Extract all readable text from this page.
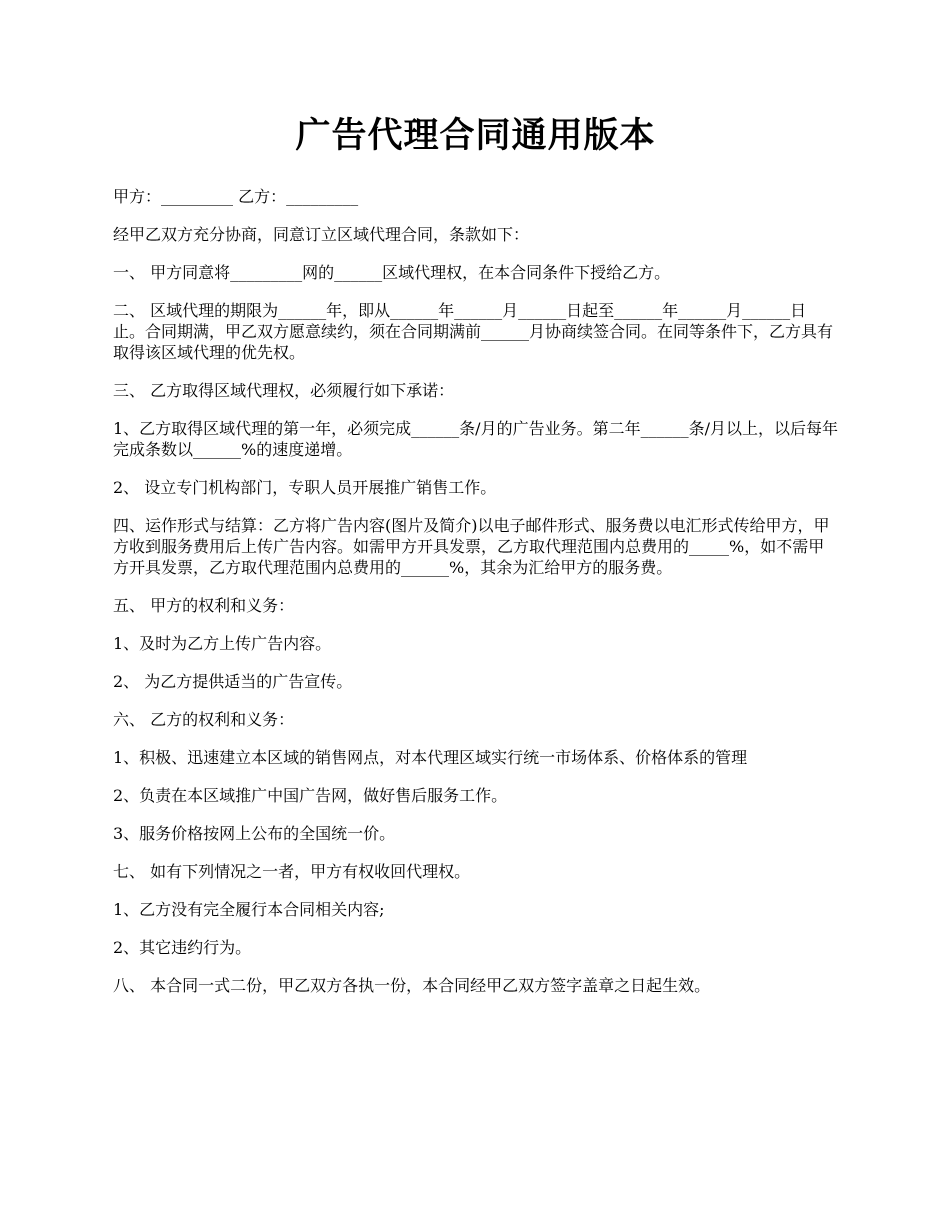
广告代理合同通用版本

甲方：_________ 乙方：_________

经甲乙双方充分协商，同意订立区域代理合同，条款如下：

一、 甲方同意将_________网的______区域代理权，在本合同条件下授给乙方。

二、 区域代理的期限为______年，即从______年______月______日起至______年______月______日止。合同期满，甲乙双方愿意续约，须在合同期满前______月协商续签合同。在同等条件下，乙方具有取得该区域代理的优先权。

三、 乙方取得区域代理权，必须履行如下承诺：

1、乙方取得区域代理的第一年，必须完成______条/月的广告业务。第二年______条/月以上，以后每年完成条数以______%的速度递增。

2、 设立专门机构部门，专职人员开展推广销售工作。

四、运作形式与结算：乙方将广告内容(图片及简介)以电子邮件形式、服务费以电汇形式传给甲方，甲方收到服务费用后上传广告内容。如需甲方开具发票，乙方取代理范围内总费用的_____%，如不需甲方开具发票，乙方取代理范围内总费用的______%，其余为汇给甲方的服务费。

五、 甲方的权利和义务：

1、及时为乙方上传广告内容。

2、 为乙方提供适当的广告宣传。

六、 乙方的权利和义务：

1、积极、迅速建立本区域的销售网点，对本代理区域实行统一市场体系、价格体系的管理

2、负责在本区域推广中国广告网，做好售后服务工作。

3、服务价格按网上公布的全国统一价。

七、 如有下列情况之一者，甲方有权收回代理权。

1、乙方没有完全履行本合同相关内容;

2、其它违约行为。

八、 本合同一式二份，甲乙双方各执一份，本合同经甲乙双方签字盖章之日起生效。
